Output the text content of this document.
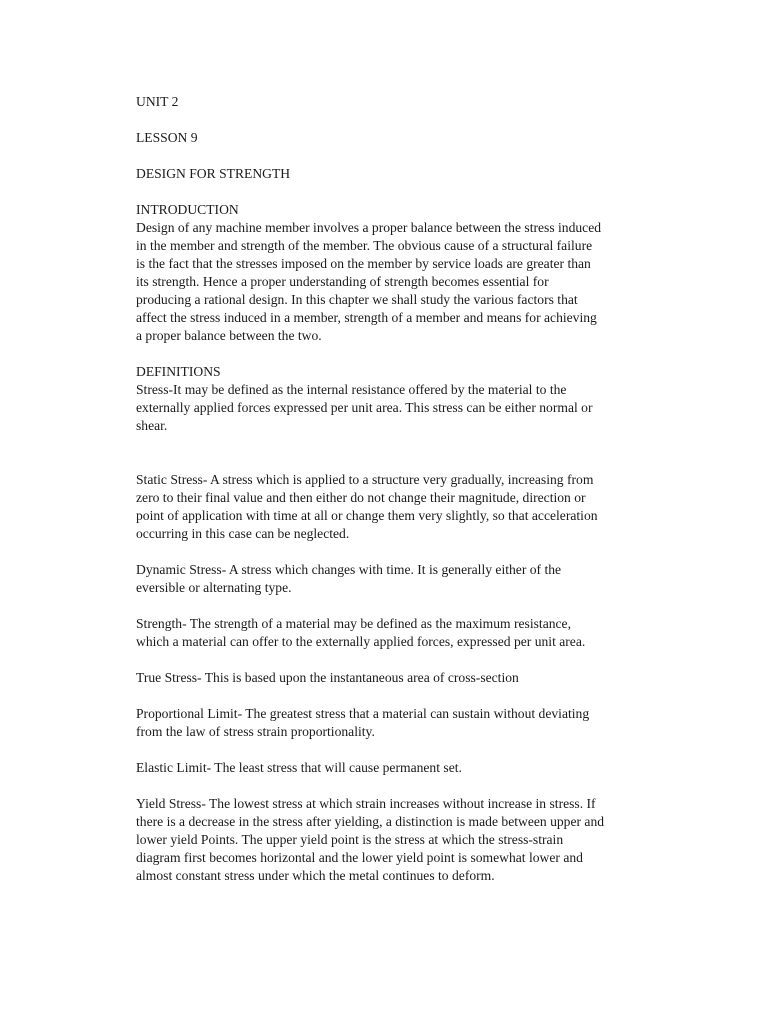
UNIT 2

LESSON 9

DESIGN FOR STRENGTH

INTRODUCTION

Design of any machine member involves a proper balance between the stress induced
in the member and strength of the member. The obvious cause of a structural failure
is the fact that the stresses imposed on the member by service loads are greater than
its strength. Hence a proper understanding of strength becomes essential for
producing a rational design. In this chapter we shall study the various factors that
affect the stress induced in a member, strength of a member and means for achieving
a proper balance between the two.

DEFINITIONS

Stress-It may be defined as the internal resistance offered by the material to the
externally applied forces expressed per unit area. This stress can be either normal or
shear.

Static Stress- A stress which is applied to a structure very gradually, increasing from
zero to their final value and then either do not change their magnitude, direction or
point of application with time at all or change them very slightly, so that acceleration
occurring in this case can be neglected.

Dynamic Stress- A stress which changes with time. It is generally either of the
eversible or alternating type.

Strength- The strength of a material may be defined as the maximum resistance,
which a material can offer to the externally applied forces, expressed per unit area.

True Stress- This is based upon the instantaneous area of cross-section

Proportional Limit- The greatest stress that a material can sustain without deviating
from the law of stress strain proportionality.

Elastic Limit- The least stress that will cause permanent set.

Yield Stress- The lowest stress at which strain increases without increase in stress. If
there is a decrease in the stress after yielding, a distinction is made between upper and
lower yield Points. The upper yield point is the stress at which the stress-strain
diagram first becomes horizontal and the lower yield point is somewhat lower and
almost constant stress under which the metal continues to deform.
